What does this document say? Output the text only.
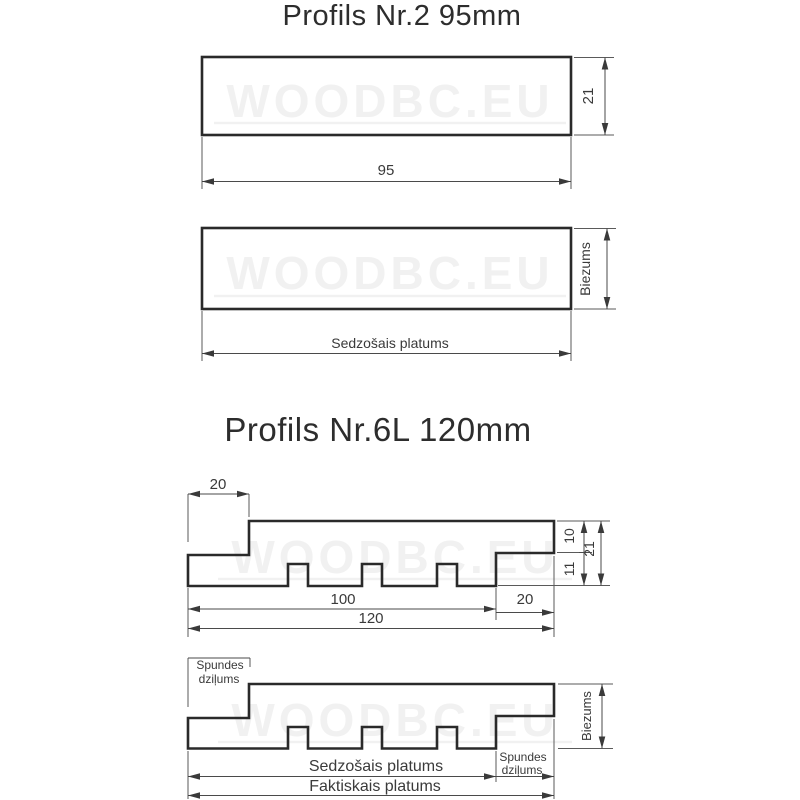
Profils Nr.2 95mm
WOODBC.EU 21
95
WOODBC.EU Biezums
Sedzošais platums
Profils Nr.6L 120mm
WOODBC.EU
20
10
11
21
100	20
120
WOODBC.EU
Spundes
dziļums
Biezums
Sedzošais platums
Spundes
dziļums
Faktiskais platums
